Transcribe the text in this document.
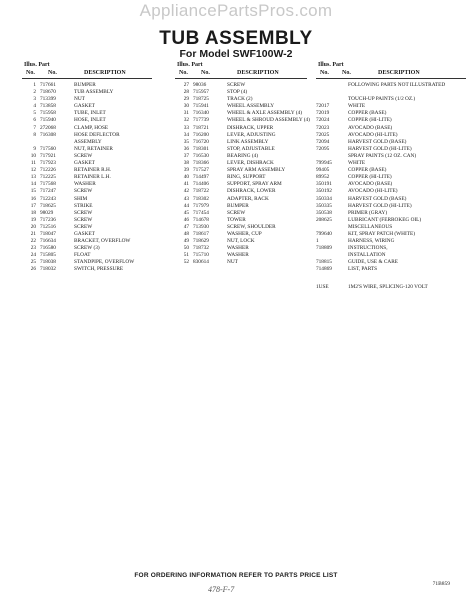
AppliancePartsPros.com
TUB ASSEMBLY
For Model SWF100W-2
Illus. Part
No. No.	DESCRIPTION
1 717661	BUMPER
2 718670	TUB ASSEMBLY
3 713399	NUT
4 713858	GASKET
5 715958	TUBE, INLET
6 715940	HOSE, INLET
7 272068	CLAMP, HOSE
8 716308	HOSE DEFLECTOR
ASSEMBLY
9 717560	NUT, RETAINER
10 717921	SCREW
11 717923	GASKET
12 712226	RETAINER R.H.
13 712225	RETAINER L.H.
14 717568	WASHER
15 717247	SCREW
16 712243	SHIM
17 718625	STRIKE
18 98029	SCREW
19 717236	SCREW
20 712516	SCREW
21 718047	GASKET
22 716634	BRACKET, OVERFLOW
23 716580	SCREW (3)
24 715805	FLOAT
25 718038	STANDPIPE, OVERFLOW
26 718032	SWITCH, PRESSURE
Illus. Part
No. No.	DESCRIPTION
27 98036	SCREW
28 715957	STOP (4)
29 718725	TRACK (2)
30 715941	WHEEL ASSEMBLY
31 716340	WHEEL & AXLE ASSEMBLY (4)
32 717739	WHEEL & SHROUD ASSEMBLY (4)
33 718721	DISHRACK, UPPER
34 716200	LEVER, ADJUSTING
35 716720	LINK ASSEMBLY
36 718301	STOP, ADJUSTABLE
37 716530	BEARING (4)
38 718366	LEVER, DISHRACK
39 717527	SPRAY ARM ASSEMBLY
40 714497	RING, SUPPORT
41 714406	SUPPORT, SPRAY ARM
42 718722	DISHRACK, LOWER
43 718302	ADAPTER, RACK
44 717979	BUMPER
45 717454	SCREW
46 714678	TOWER
47 713930	SCREW, SHOULDER
48 718617	WASHER, CUP
49 718629	NUT, LOCK
50 718732	WASHER
51 715710	WASHER
52 830614	NUT
Illus. Part
No. No.	DESCRIPTION
FOLLOWING PARTS NOT ILLUSTRATED
TOUCH-UP PAINTS (1/2 OZ.)
72017	WHITE
72019	COPPER (BASE)
72024	COPPER (HI-LITE)
72023	AVOCADO (BASE)
72025	AVOCADO (HI-LITE)
72094	HARVEST GOLD (BASE)
72095	HARVEST GOLD (HI-LITE)
SPRAY PAINTS (12 OZ. CAN)
799945	WHITE
99405	COPPER (BASE)
89952	COPPER (HI-LITE)
350191	AVOCADO (BASE)
350192	AVOCADO (HI-LITE)
350334	HARVEST GOLD (BASE)
350335	HARVEST GOLD (HI-LITE)
350538	PRIMER (GRAY)
208625	LUBRICANT (FERROKEG OIL)
MISCELLANEOUS
799640	KIT, SPRAY PATCH (WHITE)
1	HARNESS, WIRING
718809	INSTRUCTIONS,
INSTALLATION
718815	GUIDE, USE & CARE
714869	LIST, PARTS
1USE	1M2'S WIRE, SPLICING-120 VOLT
FOR ORDERING INFORMATION REFER TO PARTS PRICE LIST
478-F-7
71B859
